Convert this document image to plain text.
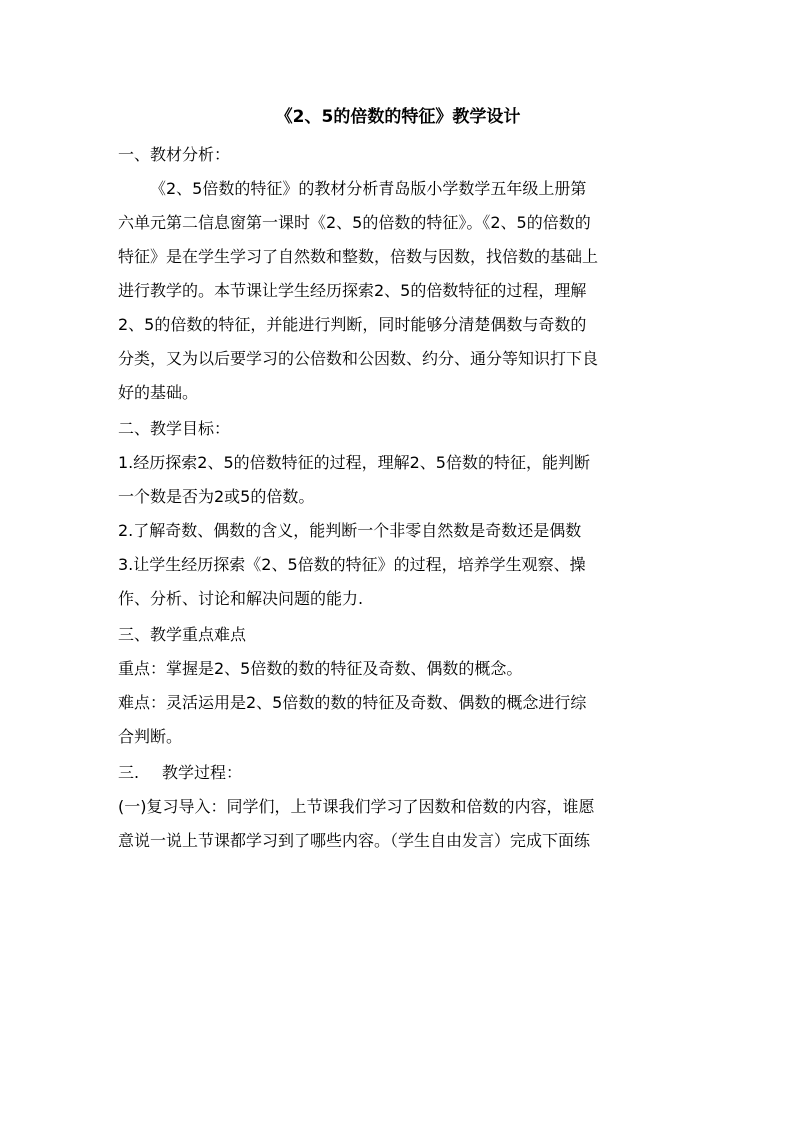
《2、5的倍数的特征》教学设计
一、教材分析：
《2、5倍数的特征》的教材分析青岛版小学数学五年级上册第
六单元第二信息窗第一课时《2、5的倍数的特征》。《2、5的倍数的
特征》是在学生学习了自然数和整数，倍数与因数，找倍数的基础上
进行教学的。本节课让学生经历探索2、5的倍数特征的过程，理解
2、5的倍数的特征，并能进行判断，同时能够分清楚偶数与奇数的
分类，又为以后要学习的公倍数和公因数、约分、通分等知识打下良
好的基础。
二、教学目标：
1.经历探索2、5的倍数特征的过程，理解2、5倍数的特征，能判断
一个数是否为2或5的倍数。
2.了解奇数、偶数的含义，能判断一个非零自然数是奇数还是偶数
3.让学生经历探索《2、5倍数的特征》的过程，培养学生观察、操
作、分析、讨论和解决问题的能力.
三、教学重点难点
重点：掌握是2、5倍数的数的特征及奇数、偶数的概念。
难点：灵活运用是2、5倍数的数的特征及奇数、偶数的概念进行综
合判断。
三. 教学过程：
(一)复习导入：同学们，上节课我们学习了因数和倍数的内容，谁愿
意说一说上节课都学习到了哪些内容。（学生自由发言）完成下面练
